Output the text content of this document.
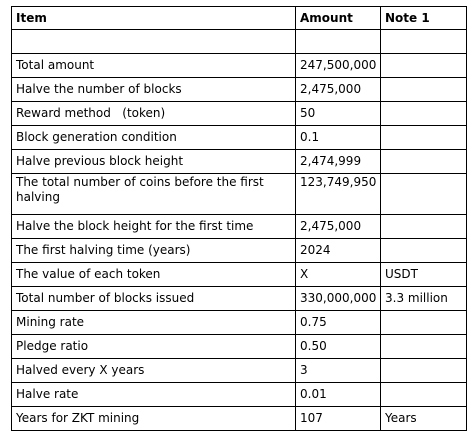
Item	Amount	Note 1

Total amount	247,500,000	
Halve the number of blocks	2,475,000	
Reward method   (token)	50	
Block generation condition	0.1	
Halve previous block height	2,474,999	
The total number of coins before the first halving	123,749,950	
Halve the block height for the first time	2,475,000	
The first halving time (years)	2024	
The value of each token	X	USDT
Total number of blocks issued	330,000,000	3.3 million
Mining rate	0.75	
Pledge ratio	0.50	
Halved every X years	3	
Halve rate	0.01	
Years for ZKT mining	107	Years
